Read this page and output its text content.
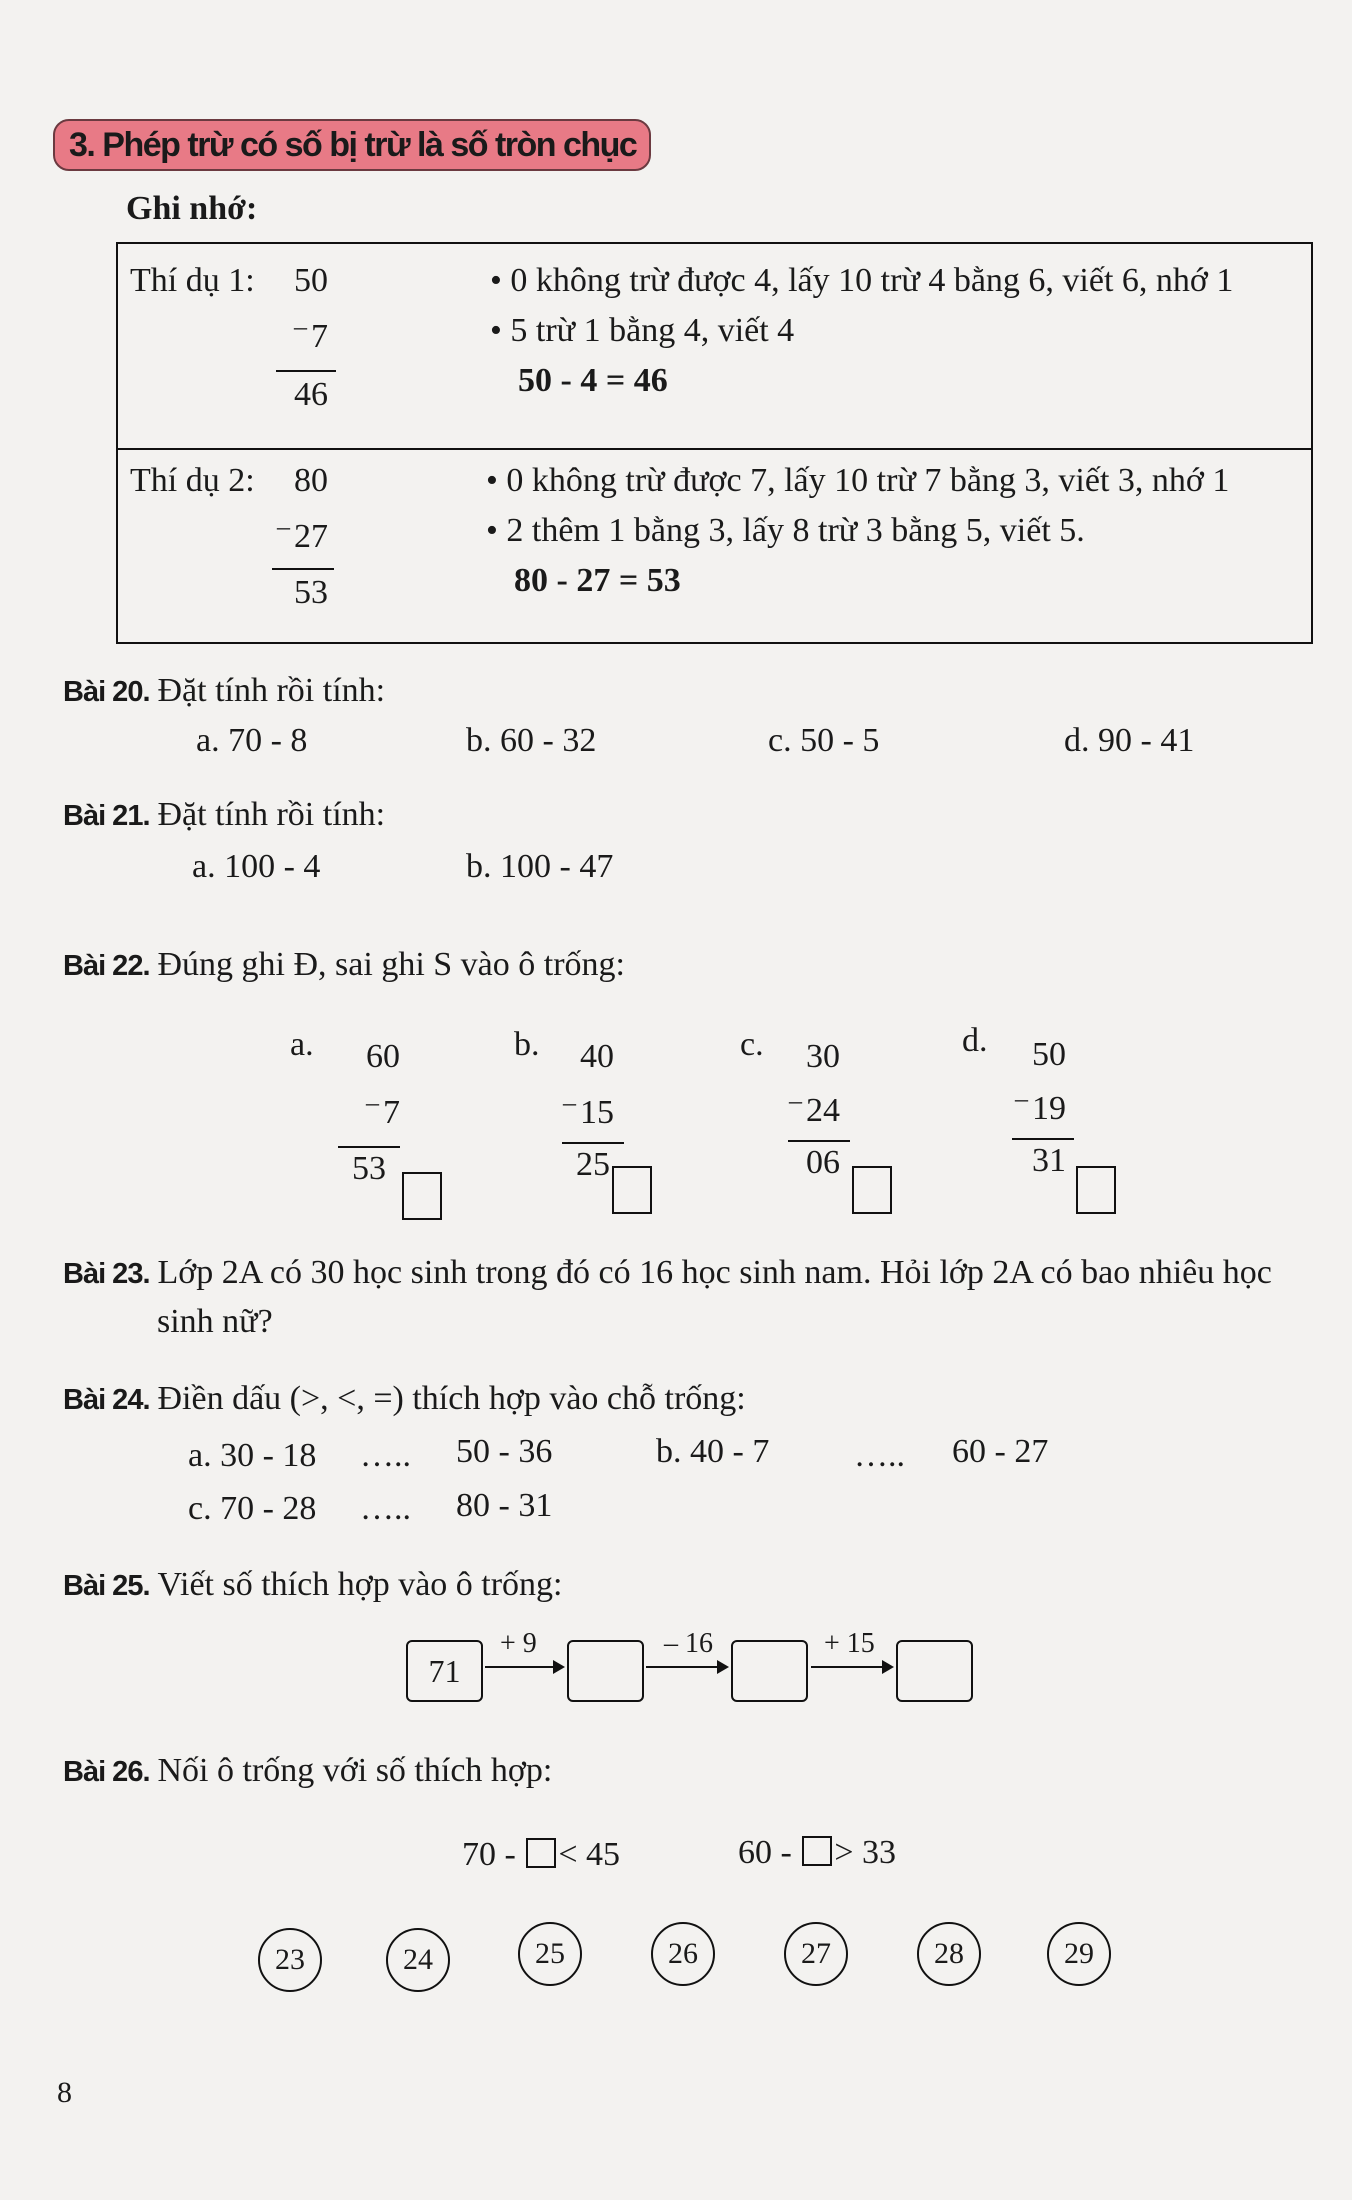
3. Phép trừ có số bị trừ là số tròn chục
Ghi nhớ:
Thí dụ 1:	50
– 7
46
• 0 không trừ được 4, lấy 10 trừ 4 bằng 6, viết 6, nhớ 1
• 5 trừ 1 bằng 4, viết 4
50 - 4 = 46
Thí dụ 2:	80
– 27
53
• 0 không trừ được 7, lấy 10 trừ 7 bằng 3, viết 3, nhớ 1
• 2 thêm 1 bằng 3, lấy 8 trừ 3 bằng 5, viết 5.
80 - 27 = 53
Bài 20. Đặt tính rồi tính:
a. 70 - 8	b. 60 - 32	c. 50 - 5	d. 90 - 41
Bài 21. Đặt tính rồi tính:
a. 100 - 4	b. 100 - 47
Bài 22. Đúng ghi Đ, sai ghi S vào ô trống:
a.	60
– 7
53
b.	40
– 15
25
c.	30
– 24
06
d.	50
– 19
31
Bài 23. Lớp 2A có 30 học sinh trong đó có 16 học sinh nam. Hỏi lớp 2A có bao nhiêu học
sinh nữ?
Bài 24. Điền dấu (>, <, =) thích hợp vào chỗ trống:
a. 30 - 18 ….. 50 - 36	b. 40 - 7 ….. 60 - 27
c. 70 - 28 ….. 80 - 31
Bài 25. Viết số thích hợp vào ô trống:
71
+ 9	– 16	+ 15
Bài 26. Nối ô trống với số thích hợp:
70 - < 45	60 - > 33
23	24	25	26	27	28	29
8
